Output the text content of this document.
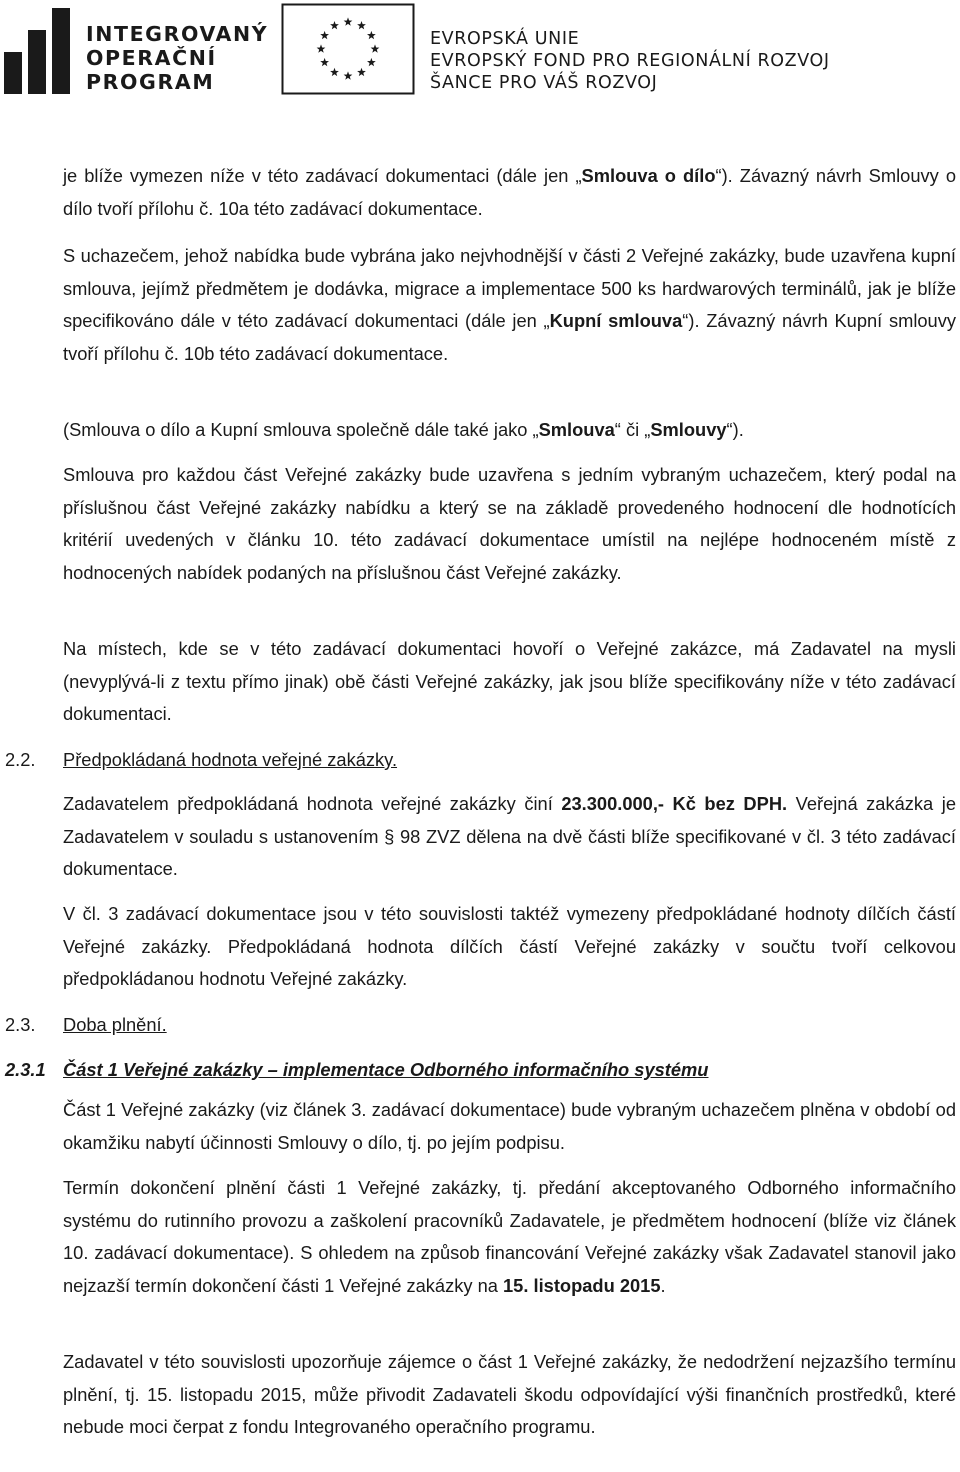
INTEGROVANÝ
OPERAČNÍ
PROGRAM
EVROPSKÁ UNIE
EVROPSKÝ FOND PRO REGIONÁLNÍ ROZVOJ
ŠANCE PRO VÁŠ ROZVOJ

je blíže vymezen níže v této zadávací dokumentaci (dále jen „Smlouva o dílo“). Závazný návrh Smlouvy o dílo tvoří přílohu č. 10a této zadávací dokumentace.

S uchazečem, jehož nabídka bude vybrána jako nejvhodnější v části 2 Veřejné zakázky, bude uzavřena kupní smlouva, jejímž předmětem je dodávka, migrace a implementace 500 ks hardwarových terminálů, jak je blíže specifikováno dále v této zadávací dokumentaci (dále jen „Kupní smlouva“). Závazný návrh Kupní smlouvy tvoří přílohu č. 10b této zadávací dokumentace.

(Smlouva o dílo a Kupní smlouva společně dále také jako „Smlouva“ či „Smlouvy“).

Smlouva pro každou část Veřejné zakázky bude uzavřena s jedním vybraným uchazečem, který podal na příslušnou část Veřejné zakázky nabídku a který se na základě provedeného hodnocení dle hodnotících kritérií uvedených v článku 10. této zadávací dokumentace umístil na nejlépe hodnoceném místě z hodnocených nabídek podaných na příslušnou část Veřejné zakázky.

Na místech, kde se v této zadávací dokumentaci hovoří o Veřejné zakázce, má Zadavatel na mysli (nevyplývá-li z textu přímo jinak) obě části Veřejné zakázky, jak jsou blíže specifikovány níže v této zadávací dokumentaci.

2.2. Předpokládaná hodnota veřejné zakázky.

Zadavatelem předpokládaná hodnota veřejné zakázky činí 23.300.000,- Kč bez DPH. Veřejná zakázka je Zadavatelem v souladu s ustanovením § 98 ZVZ dělena na dvě části blíže specifikované v čl. 3 této zadávací dokumentace.

V čl. 3 zadávací dokumentace jsou v této souvislosti taktéž vymezeny předpokládané hodnoty dílčích částí Veřejné zakázky. Předpokládaná hodnota dílčích částí Veřejné zakázky v součtu tvoří celkovou předpokládanou hodnotu Veřejné zakázky.

2.3. Doba plnění.

2.3.1 Část 1 Veřejné zakázky – implementace Odborného informačního systému

Část 1 Veřejné zakázky (viz článek 3. zadávací dokumentace) bude vybraným uchazečem plněna v období od okamžiku nabytí účinnosti Smlouvy o dílo, tj. po jejím podpisu.

Termín dokončení plnění části 1 Veřejné zakázky, tj. předání akceptovaného Odborného informačního systému do rutinního provozu a zaškolení pracovníků Zadavatele, je předmětem hodnocení (blíže viz článek 10. zadávací dokumentace). S ohledem na způsob financování Veřejné zakázky však Zadavatel stanovil jako nejzazší termín dokončení části 1 Veřejné zakázky na 15. listopadu 2015.

Zadavatel v této souvislosti upozorňuje zájemce o část 1 Veřejné zakázky, že nedodržení nejzazšího termínu plnění, tj. 15. listopadu 2015, může přivodit Zadavateli škodu odpovídající výši finančních prostředků, které nebude moci čerpat z fondu Integrovaného operačního programu.
